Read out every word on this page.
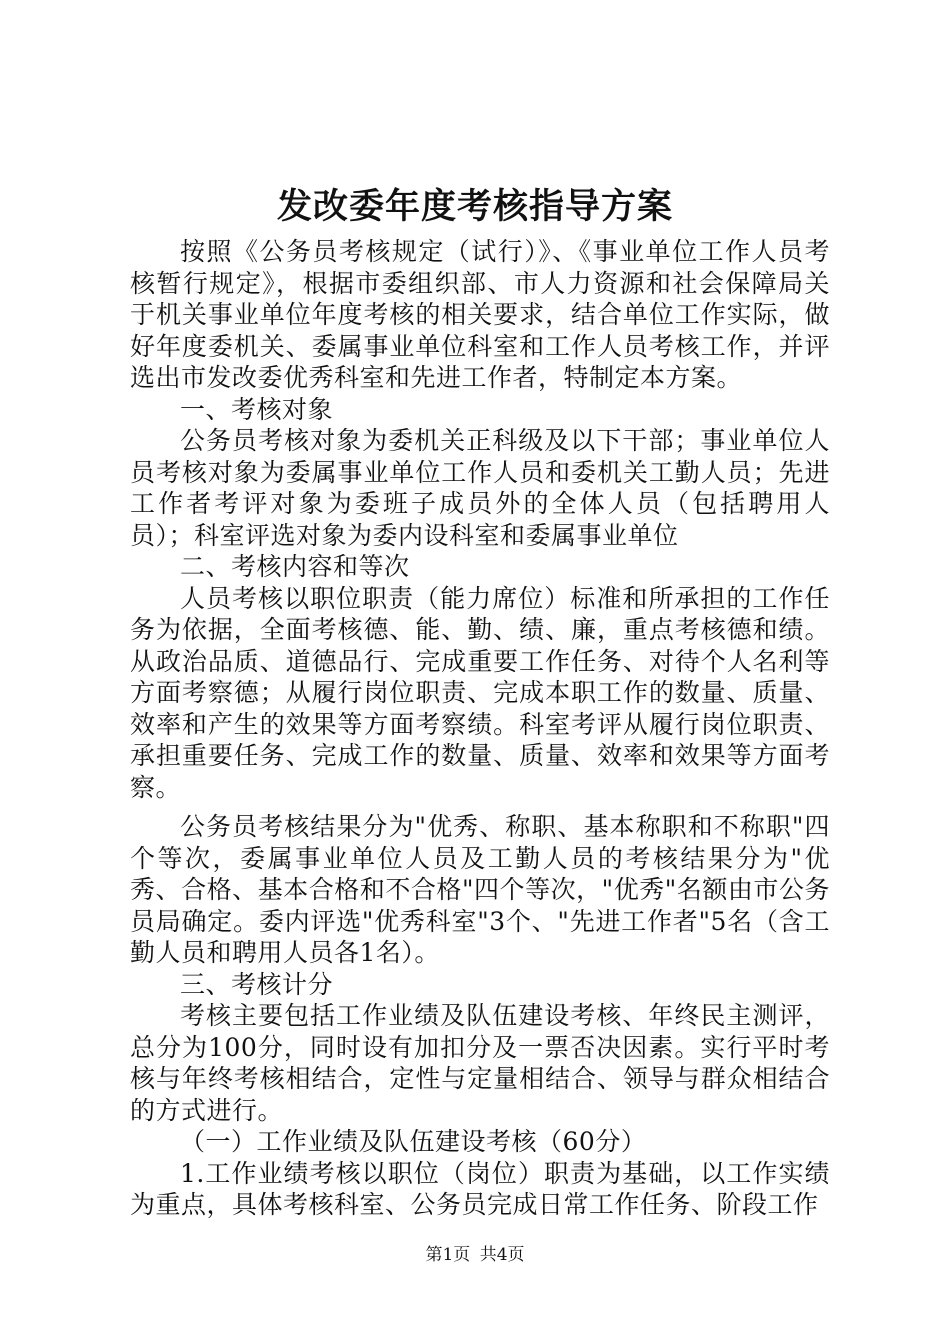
发改委年度考核指导方案

按照《公务员考核规定（试行）》、《事业单位工作人员考核暂行规定》，根据市委组织部、市人力资源和社会保障局关于机关事业单位年度考核的相关要求，结合单位工作实际，做好年度委机关、委属事业单位科室和工作人员考核工作，并评选出市发改委优秀科室和先进工作者，特制定本方案。

一、考核对象

公务员考核对象为委机关正科级及以下干部；事业单位人员考核对象为委属事业单位工作人员和委机关工勤人员；先进工作者考评对象为委班子成员外的全体人员（包括聘用人员）；科室评选对象为委内设科室和委属事业单位

二、考核内容和等次

人员考核以职位职责（能力席位）标准和所承担的工作任务为依据，全面考核德、能、勤、绩、廉，重点考核德和绩。从政治品质、道德品行、完成重要工作任务、对待个人名利等方面考察德；从履行岗位职责、完成本职工作的数量、质量、效率和产生的效果等方面考察绩。科室考评从履行岗位职责、承担重要任务、完成工作的数量、质量、效率和效果等方面考察。

公务员考核结果分为"优秀、称职、基本称职和不称职"四个等次，委属事业单位人员及工勤人员的考核结果分为"优秀、合格、基本合格和不合格"四个等次，"优秀"名额由市公务员局确定。委内评选"优秀科室"3个、"先进工作者"5名（含工勤人员和聘用人员各1名）。

三、考核计分

考核主要包括工作业绩及队伍建设考核、年终民主测评，总分为100分，同时设有加扣分及一票否决因素。实行平时考核与年终考核相结合，定性与定量相结合、领导与群众相结合的方式进行。

（一）工作业绩及队伍建设考核（60分）

1.工作业绩考核以职位（岗位）职责为基础，以工作实绩为重点，具体考核科室、公务员完成日常工作任务、阶段工作

第1页 共4页
